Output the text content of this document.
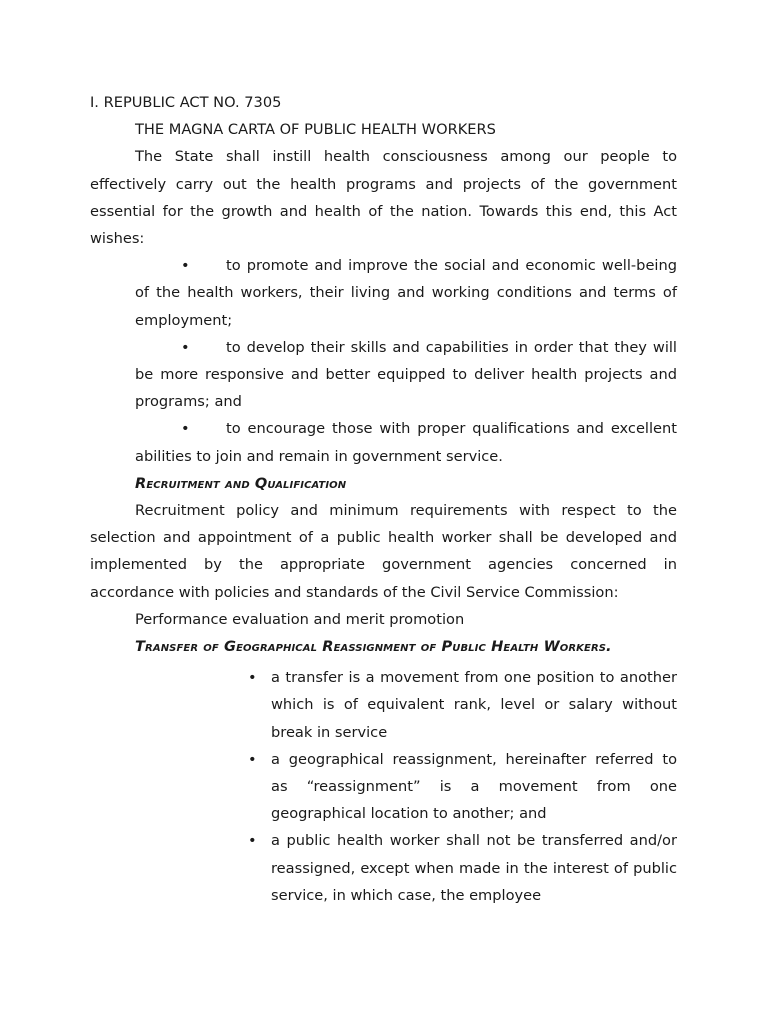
I. REPUBLIC ACT NO. 7305

THE MAGNA CARTA OF PUBLIC HEALTH WORKERS

The State shall instill health consciousness among our people to effectively carry out the health programs and projects of the government essential for the growth and health of the nation. Towards this end, this Act wishes:

•	to promote and improve the social and economic well-being of the health workers, their living and working conditions and terms of employment;

•	to develop their skills and capabilities in order that they will be more responsive and better equipped to deliver health projects and programs; and

•	to encourage those with proper qualifications and excellent abilities to join and remain in government service.

Recruitment and Qualification

Recruitment policy and minimum requirements with respect to the selection and appointment of a public health worker shall be developed and implemented by the appropriate government agencies concerned in accordance with policies and standards of the Civil Service Commission:

Performance evaluation and merit promotion

Transfer of Geographical Reassignment of Public Health Workers.

• a transfer is a movement from one position to another which is of equivalent rank, level or salary without break in service

• a geographical reassignment, hereinafter referred to as “reassignment” is a movement from one geographical location to another; and

• a public health worker shall not be transferred and/or reassigned, except when made in the interest of public service, in which case, the employee
